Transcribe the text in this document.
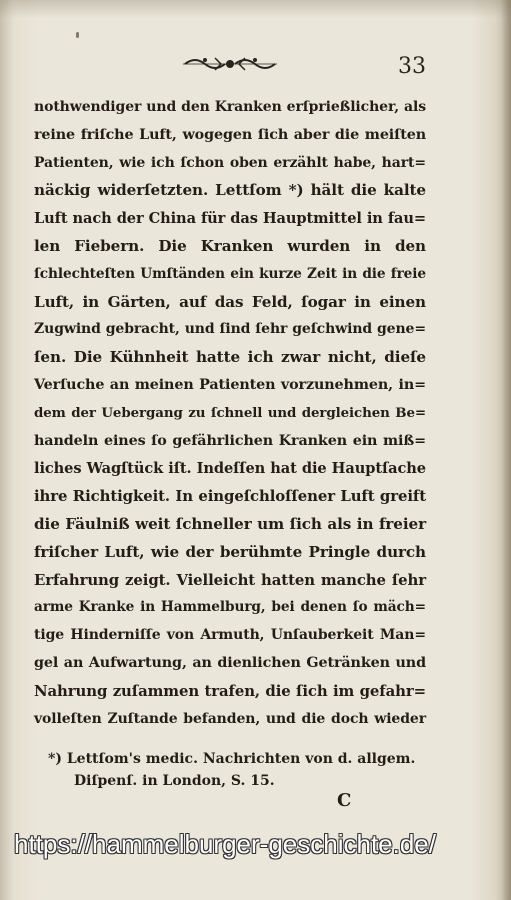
33
nothwendiger und den Kranken erſprießlicher, als
reine friſche Luft, wogegen ſich aber die meiſten
Patienten, wie ich ſchon oben erzählt habe, hart=
näckig widerſetzten. Lettſom *) hält die kalte
Luft nach der China für das Hauptmittel in fau=
len Fiebern. Die Kranken wurden in den
ſchlechteſten Umſtänden ein kurze Zeit in die freie
Luft, in Gärten, auf das Feld, ſogar in einen
Zugwind gebracht, und ſind ſehr geſchwind gene=
ſen. Die Kühnheit hatte ich zwar nicht, dieſe
Verſuche an meinen Patienten vorzunehmen, in=
dem der Uebergang zu ſchnell und dergleichen Be=
handeln eines ſo gefährlichen Kranken ein miß=
liches Wagſtück iſt. Indeſſen hat die Hauptſache
ihre Richtigkeit. In eingeſchloſſener Luft greift
die Fäulniß weit ſchneller um ſich als in freier
friſcher Luft, wie der berühmte Pringle durch
Erfahrung zeigt. Vielleicht hatten manche ſehr
arme Kranke in Hammelburg, bei denen ſo mäch=
tige Hinderniſſe von Armuth, Unſauberkeit Man=
gel an Aufwartung, an dienlichen Getränken und
Nahrung zuſammen trafen, die ſich im gefahr=
volleſten Zuſtande befanden, und die doch wieder
*) Lettſom's medic. Nachrichten von d. allgem.
Diſpenſ. in London, S. 15.
C
https://hammelburger-geschichte.de/
